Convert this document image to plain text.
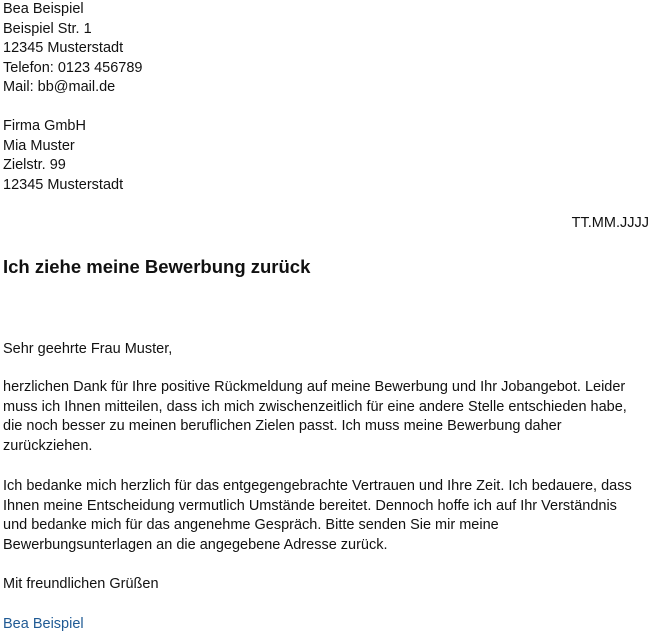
Bea Beispiel
Beispiel Str. 1
12345 Musterstadt
Telefon: 0123 456789
Mail: bb@mail.de
Firma GmbH
Mia Muster
Zielstr. 99
12345 Musterstadt
TT.MM.JJJJ
Ich ziehe meine Bewerbung zurück
Sehr geehrte Frau Muster,
herzlichen Dank für Ihre positive Rückmeldung auf meine Bewerbung und Ihr Jobangebot. Leider
muss ich Ihnen mitteilen, dass ich mich zwischenzeitlich für eine andere Stelle entschieden habe,
die noch besser zu meinen beruflichen Zielen passt. Ich muss meine Bewerbung daher
zurückziehen.
Ich bedanke mich herzlich für das entgegengebrachte Vertrauen und Ihre Zeit. Ich bedauere, dass
Ihnen meine Entscheidung vermutlich Umstände bereitet. Dennoch hoffe ich auf Ihr Verständnis
und bedanke mich für das angenehme Gespräch. Bitte senden Sie mir meine
Bewerbungsunterlagen an die angegebene Adresse zurück.
Mit freundlichen Grüßen
Bea Beispiel
